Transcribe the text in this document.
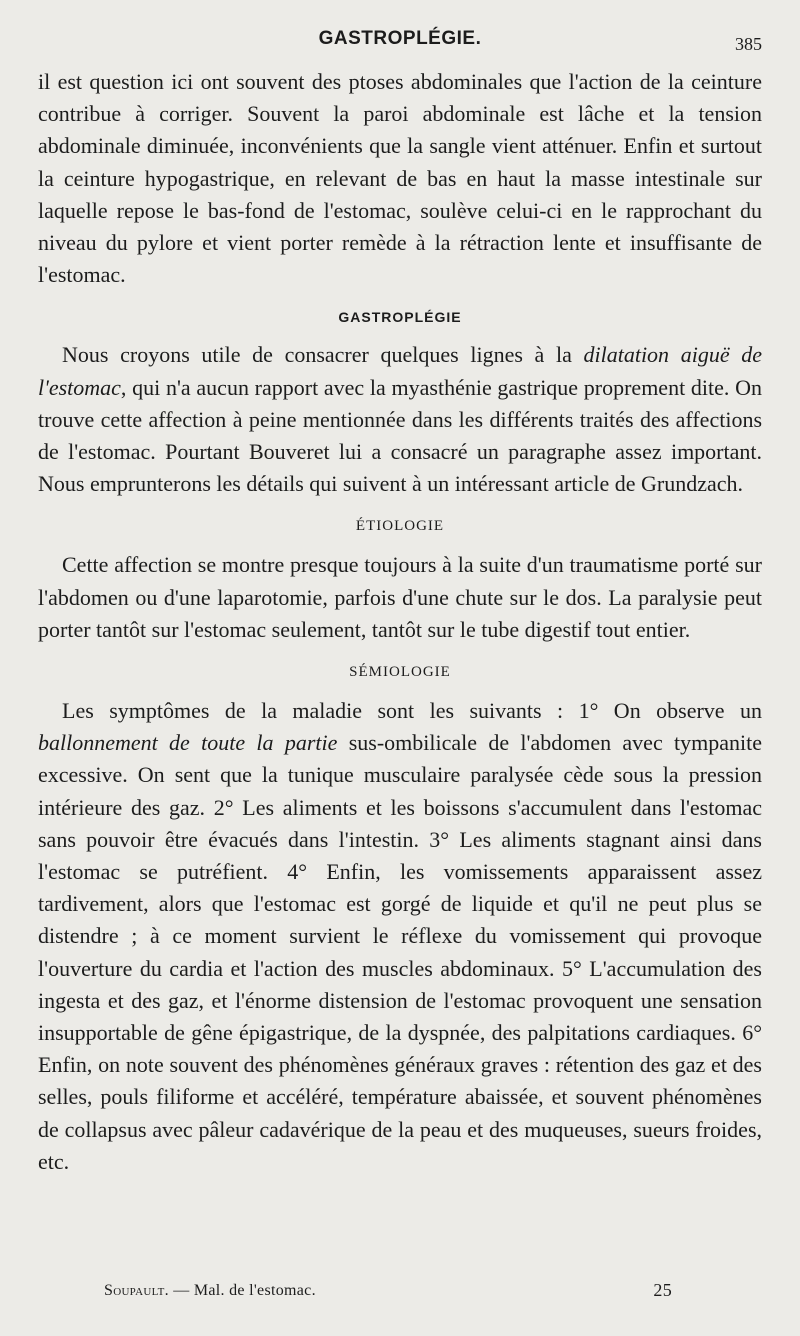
GASTROPLÉGIE.	385

il est question ici ont souvent des ptoses abdominales que l'action de la ceinture contribue à corriger. Souvent la paroi abdominale est lâche et la tension abdominale diminuée, inconvénients que la sangle vient atténuer. Enfin et surtout la ceinture hypogastrique, en relevant de bas en haut la masse intestinale sur laquelle repose le bas-fond de l'estomac, soulève celui-ci en le rapprochant du niveau du pylore et vient porter remède à la rétraction lente et insuffisante de l'estomac.

GASTROPLÉGIE

Nous croyons utile de consacrer quelques lignes à la dilatation aiguë de l'estomac, qui n'a aucun rapport avec la myasthénie gastrique proprement dite. On trouve cette affection à peine mentionnée dans les différents traités des affections de l'estomac. Pourtant Bouveret lui a consacré un paragraphe assez important. Nous emprunterons les détails qui suivent à un intéressant article de Grundzach.

ÉTIOLOGIE

Cette affection se montre presque toujours à la suite d'un traumatisme porté sur l'abdomen ou d'une laparotomie, parfois d'une chute sur le dos. La paralysie peut porter tantôt sur l'estomac seulement, tantôt sur le tube digestif tout entier.

SÉMIOLOGIE

Les symptômes de la maladie sont les suivants : 1° On observe un ballonnement de toute la partie sus-ombilicale de l'abdomen avec tympanite excessive. On sent que la tunique musculaire paralysée cède sous la pression intérieure des gaz. 2° Les aliments et les boissons s'accumulent dans l'estomac sans pouvoir être évacués dans l'intestin. 3° Les aliments stagnant ainsi dans l'estomac se putréfient. 4° Enfin, les vomissements apparaissent assez tardivement, alors que l'estomac est gorgé de liquide et qu'il ne peut plus se distendre ; à ce moment survient le réflexe du vomissement qui provoque l'ouverture du cardia et l'action des muscles abdominaux. 5° L'accumulation des ingesta et des gaz, et l'énorme distension de l'estomac provoquent une sensation insupportable de gêne épigastrique, de la dyspnée, des palpitations cardiaques. 6° Enfin, on note souvent des phénomènes généraux graves : rétention des gaz et des selles, pouls filiforme et accéléré, température abaissée, et souvent phénomènes de collapsus avec pâleur cadavérique de la peau et des muqueuses, sueurs froides, etc.

Soupault. — Mal. de l'estomac.	25
